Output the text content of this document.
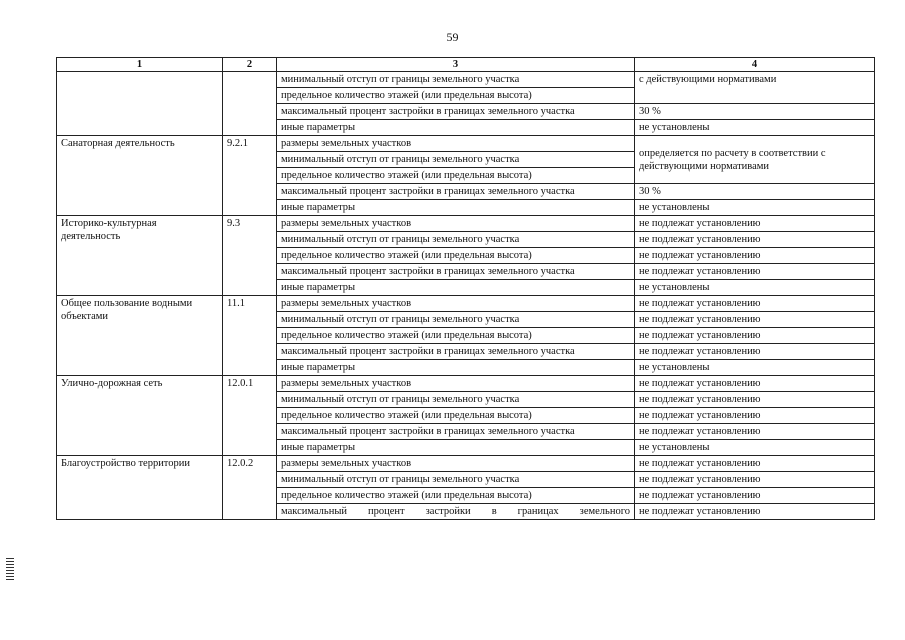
59
1	2	3	4
		минимальный отступ от границы земельного участка	с действующими нормативами
		предельное количество этажей (или предельная высота)	
		максимальный процент застройки в границах земельного участка	30 %
		иные параметры	не установлены
Санаторная деятельность	9.2.1	размеры земельных участков	определяется по расчету в соответствии с действующими нормативами
		минимальный отступ от границы земельного участка	
		предельное количество этажей (или предельная высота)	
		максимальный процент застройки в границах земельного участка	30 %
		иные параметры	не установлены
Историко-культурная деятельность	9.3	размеры земельных участков	не подлежат установлению
		минимальный отступ от границы земельного участка	не подлежат установлению
		предельное количество этажей (или предельная высота)	не подлежат установлению
		максимальный процент застройки в границах земельного участка	не подлежат установлению
		иные параметры	не установлены
Общее пользование водными объектами	11.1	размеры земельных участков	не подлежат установлению
		минимальный отступ от границы земельного участка	не подлежат установлению
		предельное количество этажей (или предельная высота)	не подлежат установлению
		максимальный процент застройки в границах земельного участка	не подлежат установлению
		иные параметры	не установлены
Улично-дорожная сеть	12.0.1	размеры земельных участков	не подлежат установлению
		минимальный отступ от границы земельного участка	не подлежат установлению
		предельное количество этажей (или предельная высота)	не подлежат установлению
		максимальный процент застройки в границах земельного участка	не подлежат установлению
		иные параметры	не установлены
Благоустройство территории	12.0.2	размеры земельных участков	не подлежат установлению
		минимальный отступ от границы земельного участка	не подлежат установлению
		предельное количество этажей (или предельная высота)	не подлежат установлению
		максимальный процент застройки в границах земельного	не подлежат установлению
